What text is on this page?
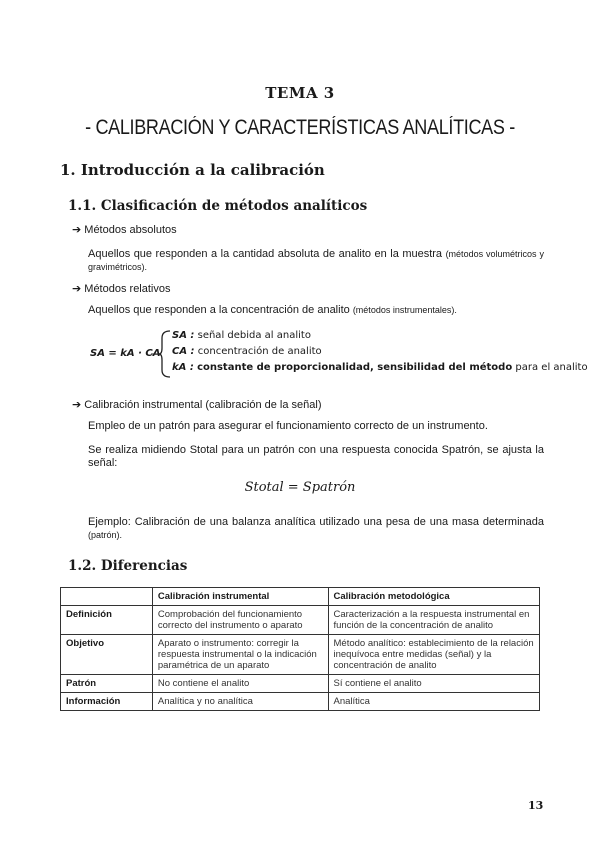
TEMA 3
- CALIBRACIÓN Y CARACTERÍSTICAS ANALÍTICAS -
1. Introducción a la calibración
1.1. Clasificación de métodos analíticos
➔ Métodos absolutos
Aquellos que responden a la cantidad absoluta de analito en la muestra (métodos volumétricos y gravimétricos).
➔ Métodos relativos
Aquellos que responden a la concentración de analito (métodos instrumentales).
SA = kA · CA
SA : señal debida al analito
CA : concentración de analito
kA : constante de proporcionalidad, sensibilidad del método para el analito
➔ Calibración instrumental (calibración de la señal)
Empleo de un patrón para asegurar el funcionamiento correcto de un instrumento.
Se realiza midiendo Stotal para un patrón con una respuesta conocida Spatrón, se ajusta la señal:
Stotal = Spatrón
Ejemplo: Calibración de una balanza analítica utilizado una pesa de una masa determinada (patrón).
1.2. Diferencias
	Calibración instrumental	Calibración metodológica
Definición	Comprobación del funcionamiento correcto del instrumento o aparato	Caracterización a la respuesta instrumental en función de la concentración de analito
Objetivo	Aparato o instrumento: corregir la respuesta instrumental o la indicación paramétrica de un aparato	Método analítico: establecimiento de la relación inequívoca entre medidas (señal) y la concentración de analito
Patrón	No contiene el analito	Sí contiene el analito
Información	Analítica y no analítica	Analítica
13
